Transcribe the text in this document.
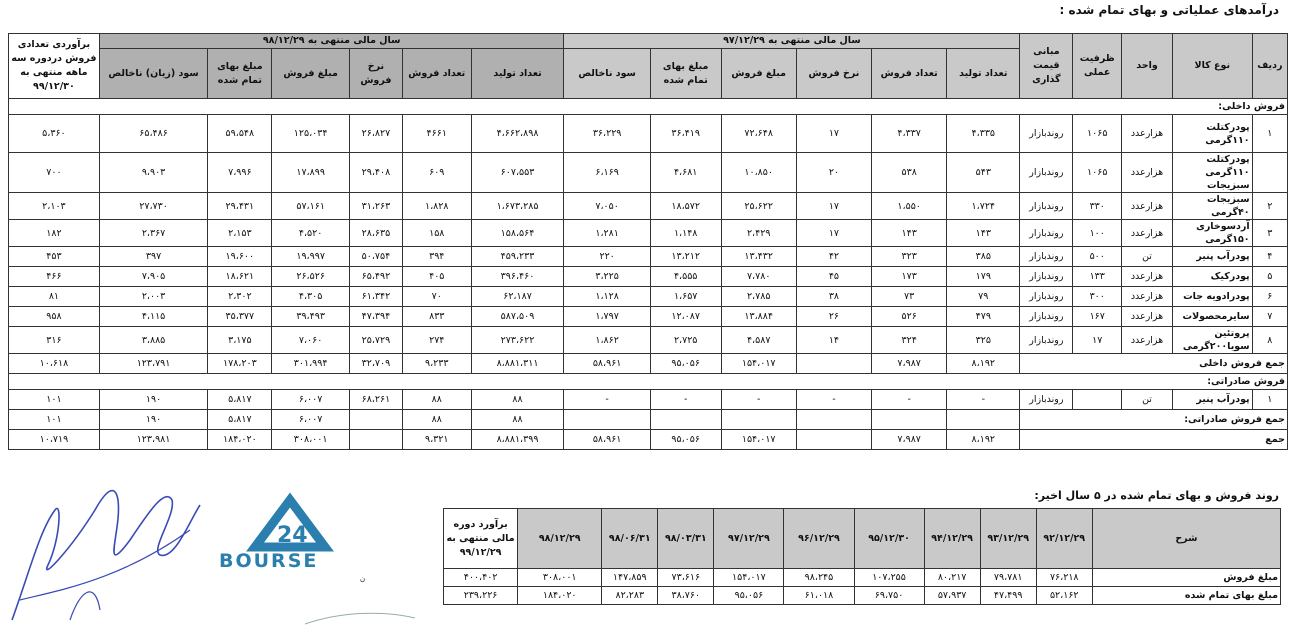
درآمدهای عملیاتی و بهای تمام شده :
24
BOURSE
ن
ردیف	نوع کالا	واحد	ظرفیت عملی	مبانی قیمت گذاری	سال مالی منتهی به ۹۷/۱۲/۲۹						سال مالی منتهی به ۹۸/۱۲/۲۹						برآوردی تعدادی فروش دردوره سه ماهه منتهی به ۹۹/۱۲/۳۰
					تعداد تولید	تعداد فروش	نرخ فروش	مبلغ فروش	مبلغ بهای تمام شده	سود ناخالص	تعداد تولید	تعداد فروش	نرخ فروش	مبلغ فروش	مبلغ بهای تمام شده	سود (زیان) ناخالص	
فروش داخلی:																	
۱	پودرکتلت ۱۱۰گرمی	هزارعدد	۱۰۶۵	روندبازار	۴،۳۳۵	۴،۳۳۷	۱۷	۷۲،۶۴۸	۳۶،۴۱۹	۳۶،۲۲۹	۴،۶۶۲،۸۹۸	۴۶۶۱	۲۶،۸۲۷	۱۲۵،۰۳۴	۵۹،۵۴۸	۶۵،۴۸۶	۵،۳۶۰
	پودرکتلت ۱۱۰گرمی سبزیجات	هزارعدد	۱۰۶۵	روندبازار	۵۴۳	۵۳۸	۲۰	۱۰،۸۵۰	۴،۶۸۱	۶،۱۶۹	۶۰۷،۵۵۳	۶۰۹	۲۹،۴۰۸	۱۷،۸۹۹	۷،۹۹۶	۹،۹۰۳	۷۰۰
۲	سبزیجات ۴۰گرمی	هزارعدد	۳۳۰	روندبازار	۱،۷۲۴	۱،۵۵۰	۱۷	۲۵،۶۲۲	۱۸،۵۷۲	۷،۰۵۰	۱،۶۷۳،۲۸۵	۱،۸۲۸	۳۱،۲۶۳	۵۷،۱۶۱	۲۹،۴۳۱	۲۷،۷۳۰	۲،۱۰۳
۳	آردسوخاری ۱۵۰گرمی	هزارعدد	۱۰۰	روندبازار	۱۴۳	۱۴۳	۱۷	۲،۴۲۹	۱،۱۴۸	۱،۲۸۱	۱۵۸،۵۶۴	۱۵۸	۲۸،۶۳۵	۴،۵۲۰	۲،۱۵۳	۲،۳۶۷	۱۸۲
۴	پودرآب پنیر	تن	۵۰۰	روندبازار	۳۸۵	۳۲۳	۴۲	۱۳،۴۳۲	۱۳،۲۱۲	۲۲۰	۴۵۹،۲۳۳	۳۹۴	۵۰،۷۵۴	۱۹،۹۹۷	۱۹،۶۰۰	۳۹۷	۴۵۳
۵	پودرکیک	هزارعدد	۱۳۳	روندبازار	۱۷۹	۱۷۳	۴۵	۷،۷۸۰	۴،۵۵۵	۳،۲۲۵	۳۹۶،۴۶۰	۴۰۵	۶۵،۴۹۲	۲۶،۵۲۶	۱۸،۶۲۱	۷،۹۰۵	۴۶۶
۶	پودرادویه جات	هزارعدد	۳۰۰	روندبازار	۷۹	۷۳	۳۸	۲،۷۸۵	۱،۶۵۷	۱،۱۲۸	۶۲،۱۸۷	۷۰	۶۱،۳۴۲	۴،۳۰۵	۲،۳۰۲	۲،۰۰۳	۸۱
۷	سایرمحصولات	هزارعدد	۱۶۷	روندبازار	۴۷۹	۵۲۶	۲۶	۱۳،۸۸۴	۱۲،۰۸۷	۱،۷۹۷	۵۸۷،۵۰۹	۸۳۳	۴۷،۳۹۴	۳۹،۴۹۳	۳۵،۳۷۷	۴،۱۱۵	۹۵۸
۸	پروتئین سویا۲۰۰گرمی	هزارعدد	۱۷	روندبازار	۳۲۵	۳۲۴	۱۴	۴،۵۸۷	۲،۷۲۵	۱،۸۶۲	۲۷۳،۶۲۲	۲۷۴	۲۵،۷۲۹	۷،۰۶۰	۳،۱۷۵	۳،۸۸۵	۳۱۶
جمع فروش داخلی					۸،۱۹۲	۷،۹۸۷		۱۵۴،۰۱۷	۹۵،۰۵۶	۵۸،۹۶۱	۸،۸۸۱،۳۱۱	۹،۲۳۳	۳۲،۷۰۹	۳۰۱،۹۹۴	۱۷۸،۲۰۳	۱۲۳،۷۹۱	۱۰،۶۱۸
فروش صادراتی:																	
۱	پودرآب پنیر	تن		روندبازار	-	-	-	-	-	-	۸۸	۸۸	۶۸،۲۶۱	۶،۰۰۷	۵،۸۱۷	۱۹۰	۱۰۱
جمع فروش صادراتی:											۸۸	۸۸		۶،۰۰۷	۵،۸۱۷	۱۹۰	۱۰۱
جمع					۸،۱۹۲	۷،۹۸۷		۱۵۴،۰۱۷	۹۵،۰۵۶	۵۸،۹۶۱	۸،۸۸۱،۳۹۹	۹،۳۲۱		۳۰۸،۰۰۱	۱۸۴،۰۲۰	۱۲۳،۹۸۱	۱۰،۷۱۹
روند فروش و بهای تمام شده در ۵ سال اخیر:
شرح	۹۲/۱۲/۲۹	۹۳/۱۲/۲۹	۹۴/۱۲/۲۹	۹۵/۱۲/۳۰	۹۶/۱۲/۲۹	۹۷/۱۲/۲۹	۹۸/۰۳/۳۱	۹۸/۰۶/۳۱	۹۸/۱۲/۲۹	برآورد دوره مالی منتهی به ۹۹/۱۲/۲۹
مبلغ فروش	۷۶،۲۱۸	۷۹،۷۸۱	۸۰،۲۱۷	۱۰۷،۲۵۵	۹۸،۲۴۵	۱۵۴،۰۱۷	۷۳،۶۱۶	۱۴۷،۸۵۹	۳۰۸،۰۰۱	۴۰۰،۴۰۲
مبلغ بهای تمام شده	۵۲،۱۶۲	۴۷،۴۹۹	۵۷،۹۳۷	۶۹،۷۵۰	۶۱،۰۱۸	۹۵،۰۵۶	۳۸،۷۶۰	۸۲،۲۸۳	۱۸۴،۰۲۰	۲۳۹،۲۲۶
